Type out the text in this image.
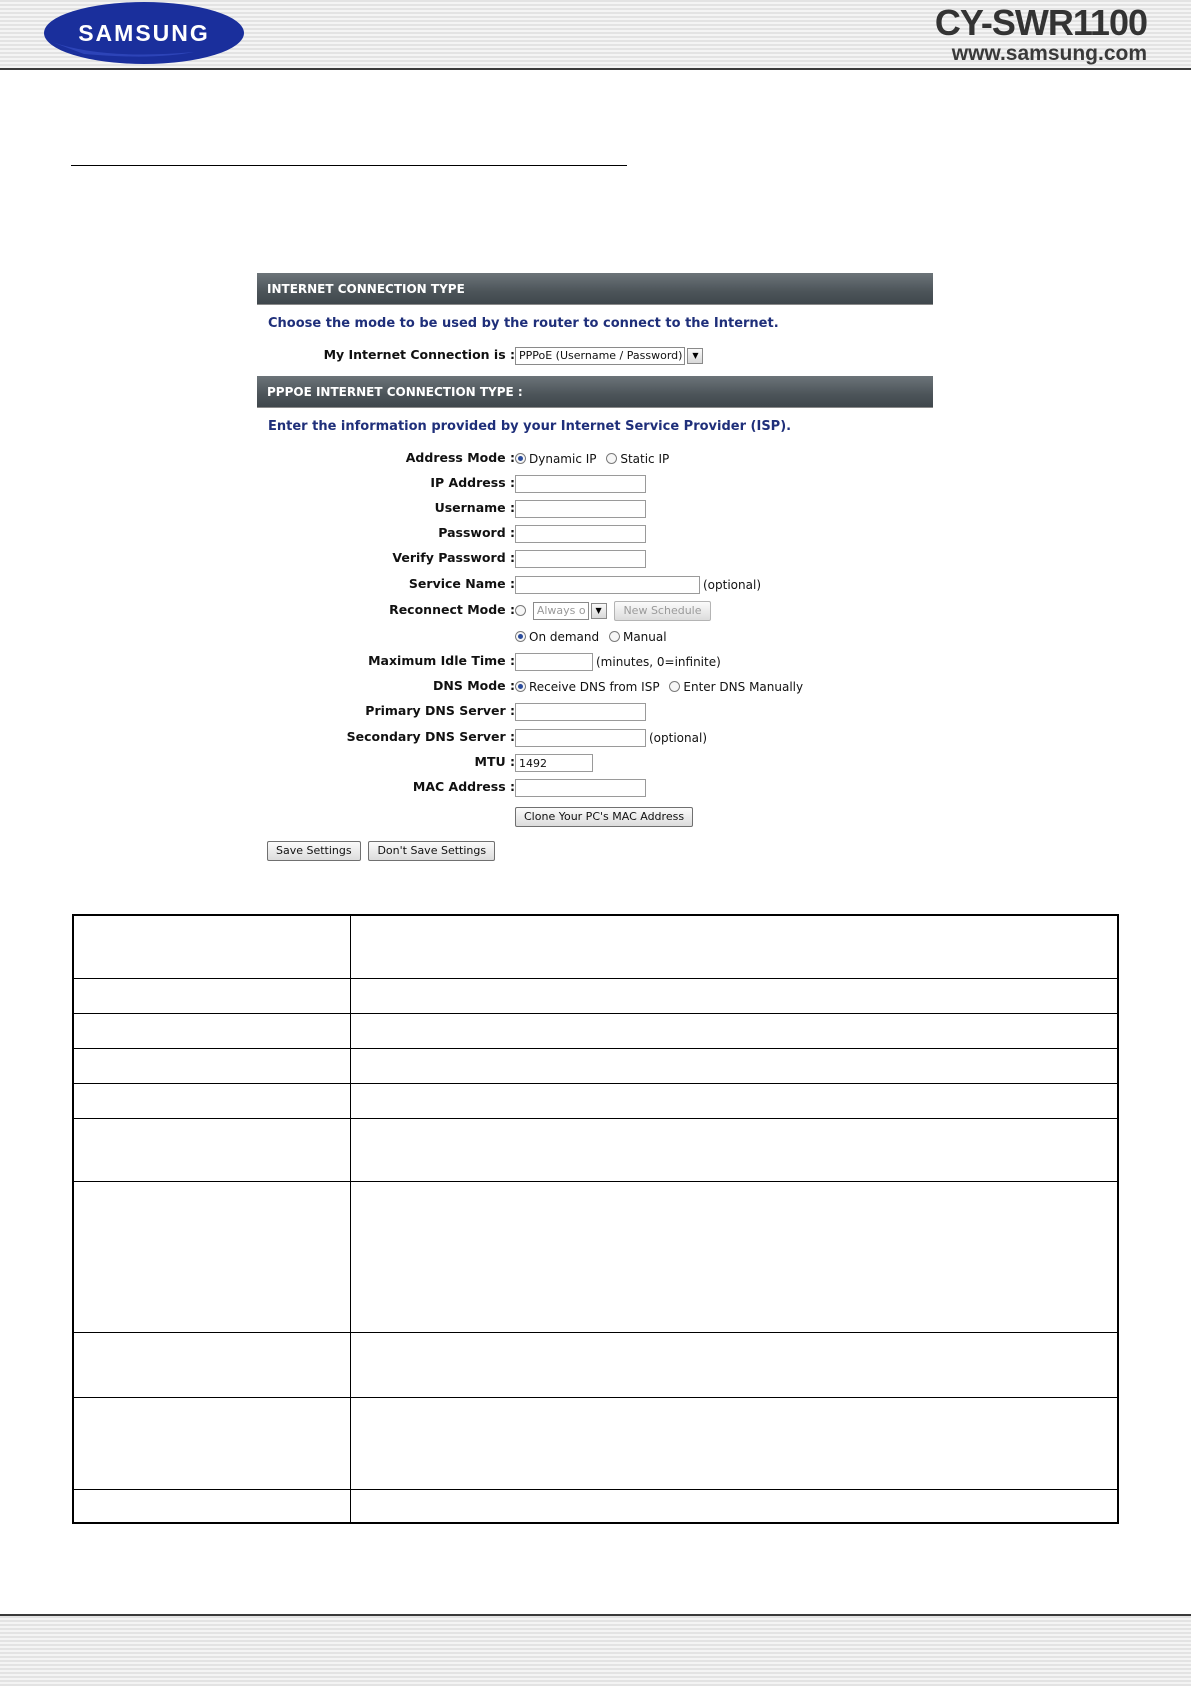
SAMSUNG	CY-SWR1100
www.samsung.com
INTERNET CONNECTION TYPE
Choose the mode to be used by the router to connect to the Internet.
My Internet Connection is : PPPoE (Username / Password) ▼
PPPOE INTERNET CONNECTION TYPE :
Enter the information provided by your Internet Service Provider (ISP).
Address Mode :	Dynamic IP Static IP
IP Address :
Username :
Password :
Verify Password :
Service Name :	(optional)
Reconnect Mode :	Always o ▼ New Schedule
On demand Manual
Maximum Idle Time :	(minutes, 0=infinite)
DNS Mode :	Receive DNS from ISP Enter DNS Manually
Primary DNS Server :
Secondary DNS Server :	(optional)
MTU : 1492
MAC Address :
Clone Your PC's MAC Address
Save Settings Don't Save Settings
